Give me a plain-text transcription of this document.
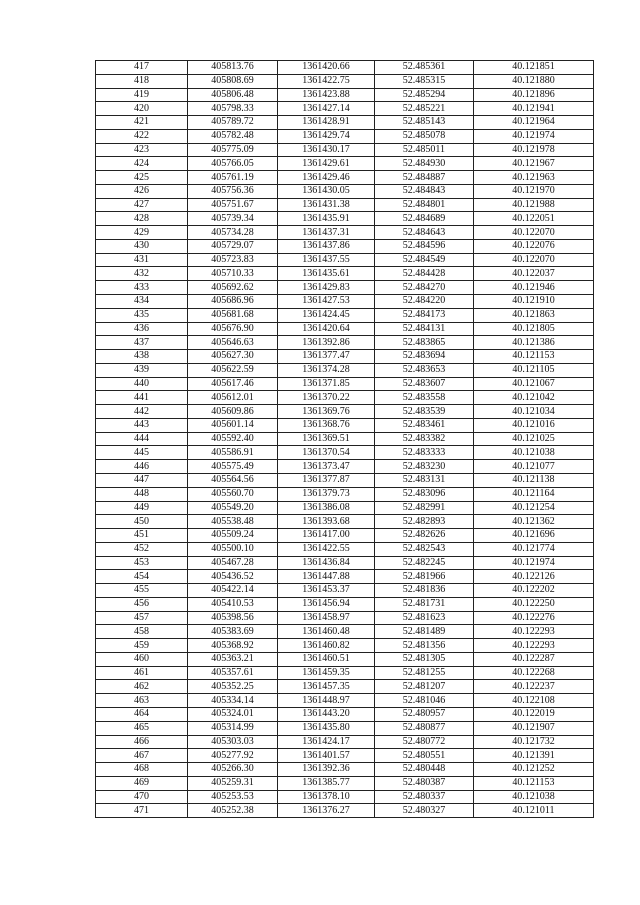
417	405813.76	1361420.66	52.485361	40.121851
418	405808.69	1361422.75	52.485315	40.121880
419	405806.48	1361423.88	52.485294	40.121896
420	405798.33	1361427.14	52.485221	40.121941
421	405789.72	1361428.91	52.485143	40.121964
422	405782.48	1361429.74	52.485078	40.121974
423	405775.09	1361430.17	52.485011	40.121978
424	405766.05	1361429.61	52.484930	40.121967
425	405761.19	1361429.46	52.484887	40.121963
426	405756.36	1361430.05	52.484843	40.121970
427	405751.67	1361431.38	52.484801	40.121988
428	405739.34	1361435.91	52.484689	40.122051
429	405734.28	1361437.31	52.484643	40.122070
430	405729.07	1361437.86	52.484596	40.122076
431	405723.83	1361437.55	52.484549	40.122070
432	405710.33	1361435.61	52.484428	40.122037
433	405692.62	1361429.83	52.484270	40.121946
434	405686.96	1361427.53	52.484220	40.121910
435	405681.68	1361424.45	52.484173	40.121863
436	405676.90	1361420.64	52.484131	40.121805
437	405646.63	1361392.86	52.483865	40.121386
438	405627.30	1361377.47	52.483694	40.121153
439	405622.59	1361374.28	52.483653	40.121105
440	405617.46	1361371.85	52.483607	40.121067
441	405612.01	1361370.22	52.483558	40.121042
442	405609.86	1361369.76	52.483539	40.121034
443	405601.14	1361368.76	52.483461	40.121016
444	405592.40	1361369.51	52.483382	40.121025
445	405586.91	1361370.54	52.483333	40.121038
446	405575.49	1361373.47	52.483230	40.121077
447	405564.56	1361377.87	52.483131	40.121138
448	405560.70	1361379.73	52.483096	40.121164
449	405549.20	1361386.08	52.482991	40.121254
450	405538.48	1361393.68	52.482893	40.121362
451	405509.24	1361417.00	52.482626	40.121696
452	405500.10	1361422.55	52.482543	40.121774
453	405467.28	1361436.84	52.482245	40.121974
454	405436.52	1361447.88	52.481966	40.122126
455	405422.14	1361453.37	52.481836	40.122202
456	405410.53	1361456.94	52.481731	40.122250
457	405398.56	1361458.97	52.481623	40.122276
458	405383.69	1361460.48	52.481489	40.122293
459	405368.92	1361460.82	52.481356	40.122293
460	405363.21	1361460.51	52.481305	40.122287
461	405357.61	1361459.35	52.481255	40.122268
462	405352.25	1361457.35	52.481207	40.122237
463	405334.14	1361448.97	52.481046	40.122108
464	405324.01	1361443.20	52.480957	40.122019
465	405314.99	1361435.80	52.480877	40.121907
466	405303.03	1361424.17	52.480772	40.121732
467	405277.92	1361401.57	52.480551	40.121391
468	405266.30	1361392.36	52.480448	40.121252
469	405259.31	1361385.77	52.480387	40.121153
470	405253.53	1361378.10	52.480337	40.121038
471	405252.38	1361376.27	52.480327	40.121011
